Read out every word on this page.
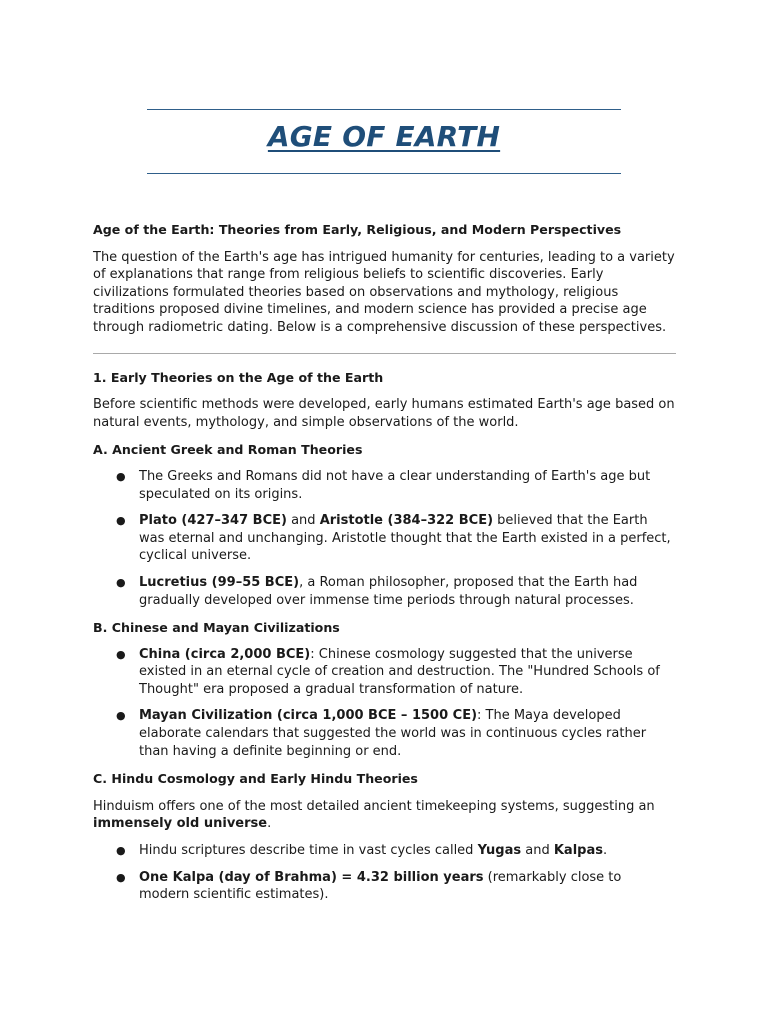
AGE OF EARTH

Age of the Earth: Theories from Early, Religious, and Modern Perspectives

The question of the Earth's age has intrigued humanity for centuries, leading to a variety of explanations that range from religious beliefs to scientific discoveries. Early civilizations formulated theories based on observations and mythology, religious traditions proposed divine timelines, and modern science has provided a precise age through radiometric dating. Below is a comprehensive discussion of these perspectives.

1. Early Theories on the Age of the Earth

Before scientific methods were developed, early humans estimated Earth's age based on natural events, mythology, and simple observations of the world.

A. Ancient Greek and Roman Theories

● The Greeks and Romans did not have a clear understanding of Earth's age but speculated on its origins.
● Plato (427–347 BCE) and Aristotle (384–322 BCE) believed that the Earth was eternal and unchanging. Aristotle thought that the Earth existed in a perfect, cyclical universe.
● Lucretius (99–55 BCE), a Roman philosopher, proposed that the Earth had gradually developed over immense time periods through natural processes.

B. Chinese and Mayan Civilizations

● China (circa 2,000 BCE): Chinese cosmology suggested that the universe existed in an eternal cycle of creation and destruction. The "Hundred Schools of Thought" era proposed a gradual transformation of nature.
● Mayan Civilization (circa 1,000 BCE – 1500 CE): The Maya developed elaborate calendars that suggested the world was in continuous cycles rather than having a definite beginning or end.

C. Hindu Cosmology and Early Hindu Theories

Hinduism offers one of the most detailed ancient timekeeping systems, suggesting an immensely old universe.

● Hindu scriptures describe time in vast cycles called Yugas and Kalpas.
● One Kalpa (day of Brahma) = 4.32 billion years (remarkably close to modern scientific estimates).
